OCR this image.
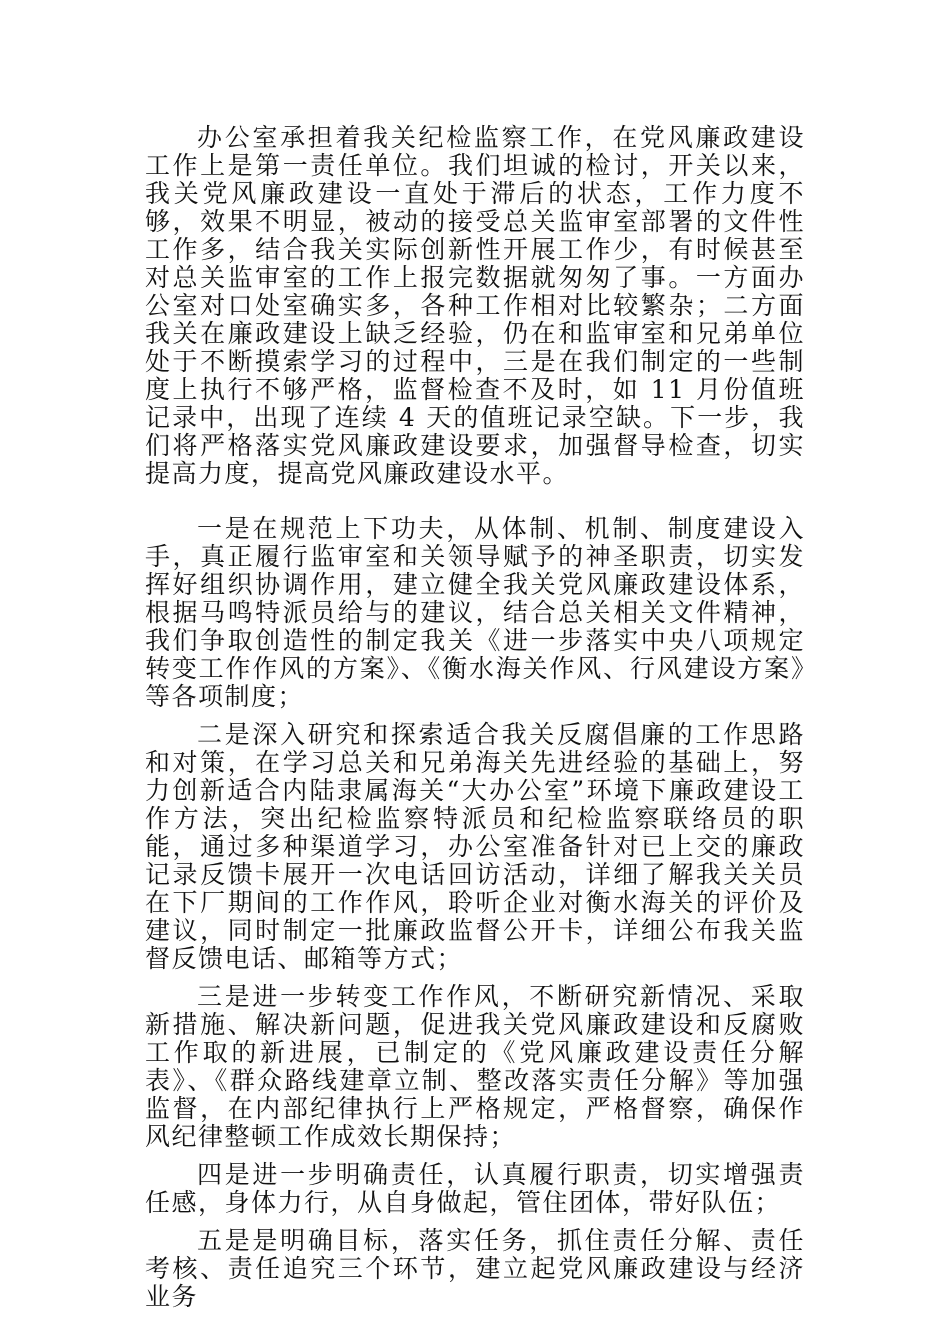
办公室承担着我关纪检监察工作，在党风廉政建设工作上是第一责任单位。我们坦诚的检讨，开关以来， 我关党风廉政建设一直处于滞后的状态，工作力度不够，效果不明显，被动的接受总关监审室部署的文件性工作多，结合我关实际创新性开展工作少，有时候甚至对总关监审室的工作上报完数据就匆匆了事。一方面办公室对口处室确实多，各种工作相对比较繁杂；二方面我关在廉政建设上缺乏经验，仍在和监审室和兄弟单位处于不断摸索学习的过程中，三是在我们制定的一些制度上执行不够严格，监督检查不及时，如 11 月份值班记录中，出现了连续 4 天的值班记录空缺。下一步，我们将严格落实党风廉政建设要求，加强督导检查，切实提高力度，提高党风廉政建设水平。

一是在规范上下功夫，从体制、机制、制度建设入手，真正履行监审室和关领导赋予的神圣职责，切实发挥好组织协调作用，建立健全我关党风廉政建设体系，根据马鸣特派员给与的建议，结合总关相关文件精神，我们争取创造性的制定我关《进一步落实中央八项规定转变工作作风的方案》、《衡水海关作风、行风建设方案》等各项制度；

二是深入研究和探索适合我关反腐倡廉的工作思路和对策，在学习总关和兄弟海关先进经验的基础上，努力创新适合内陆隶属海关“大办公室”环境下廉政建设工作方法，突出纪检监察特派员和纪检监察联络员的职能，通过多种渠道学习，办公室准备针对已上交的廉政记录反馈卡展开一次电话回访活动，详细了解我关关员在下厂期间的工作作风，聆听企业对衡水海关的评价及建议，同时制定一批廉政监督公开卡，详细公布我关监督反馈电话、邮箱等方式；

三是进一步转变工作作风，不断研究新情况、采取新措施、解决新问题，促进我关党风廉政建设和反腐败工作取的新进展，已制定的《党风廉政建设责任分解表》、《群众路线建章立制、整改落实责任分解》等加强监督，在内部纪律执行上严格规定，严格督察，确保作风纪律整顿工作成效长期保持；

四是进一步明确责任，认真履行职责，切实增强责任感，身体力行，从自身做起，管住团体，带好队伍；

五是是明确目标，落实任务，抓住责任分解、责任考核、责任追究三个环节，建立起党风廉政建设与经济业务
